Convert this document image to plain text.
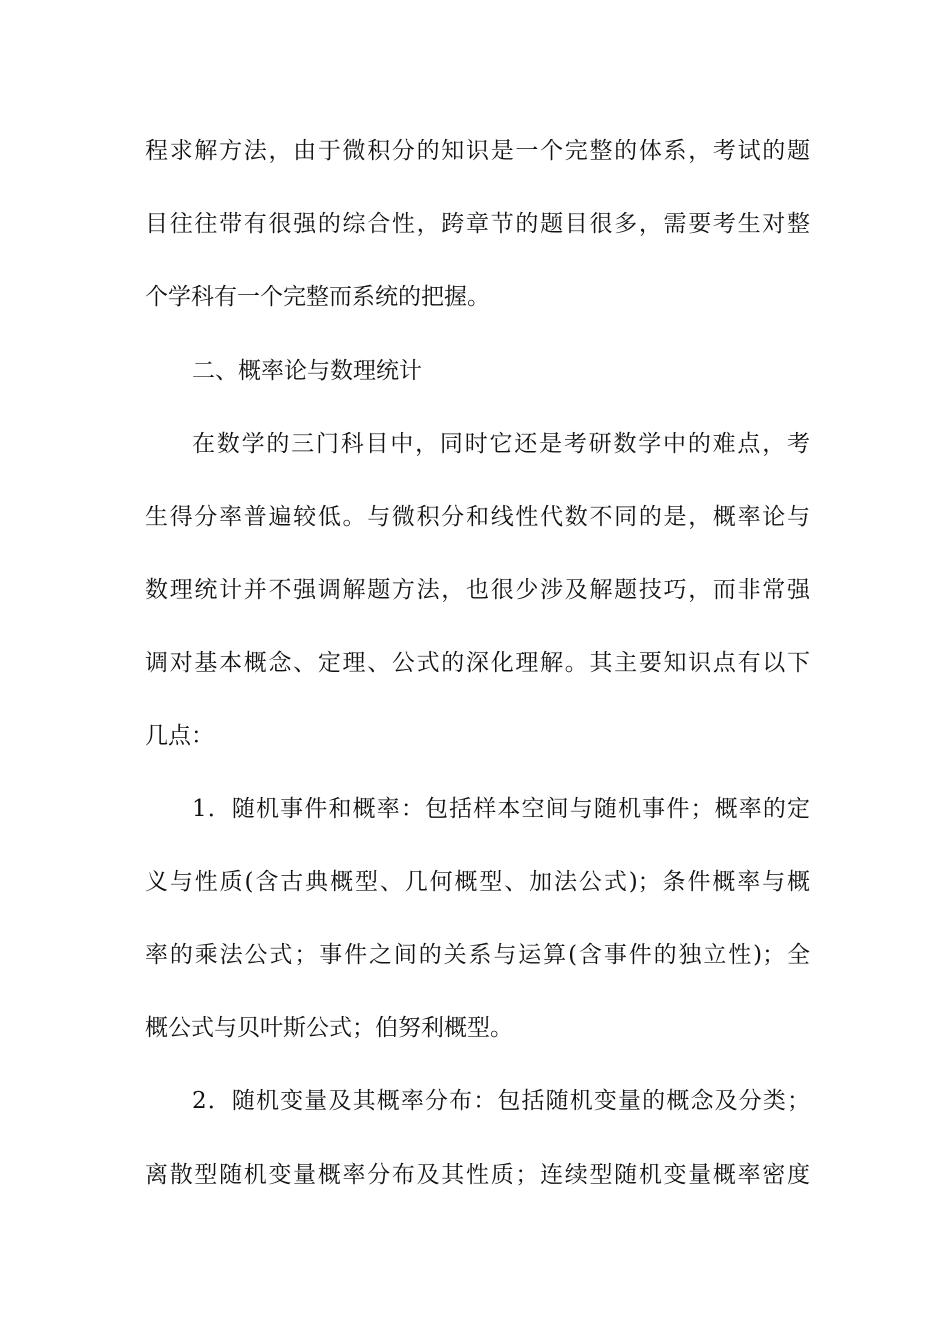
程求解方法，由于微积分的知识是一个完整的体系，考试的题
目往往带有很强的综合性，跨章节的题目很多，需要考生对整
个学科有一个完整而系统的把握。
二、概率论与数理统计
在数学的三门科目中，同时它还是考研数学中的难点，考
生得分率普遍较低。与微积分和线性代数不同的是，概率论与
数理统计并不强调解题方法，也很少涉及解题技巧，而非常强
调对基本概念、定理、公式的深化理解。其主要知识点有以下
几点：
1．随机事件和概率：包括样本空间与随机事件；概率的定
义与性质(含古典概型、几何概型、加法公式)；条件概率与概
率的乘法公式；事件之间的关系与运算(含事件的独立性)；全
概公式与贝叶斯公式；伯努利概型。
2．随机变量及其概率分布：包括随机变量的概念及分类；
离散型随机变量概率分布及其性质；连续型随机变量概率密度
